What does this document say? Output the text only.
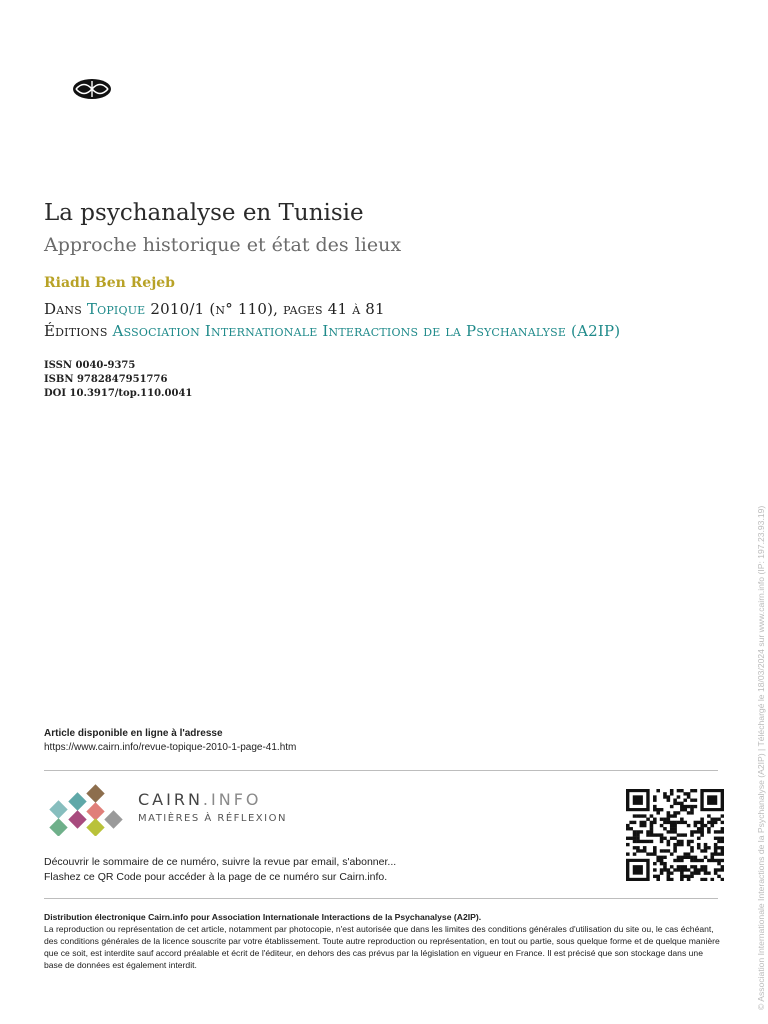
La psychanalyse en Tunisie
Approche historique et état des lieux
Riadh Ben Rejeb
Dans Topique 2010/1 (n° 110), pages 41 à 81
Éditions Association Internationale Interactions de la Psychanalyse (A2IP)
ISSN 0040-9375
ISBN 9782847951776
DOI 10.3917/top.110.0041
Article disponible en ligne à l'adresse
https://www.cairn.info/revue-topique-2010-1-page-41.htm
CAIRN.INFO
MATIÈRES À RÉFLEXION
Découvrir le sommaire de ce numéro, suivre la revue par email, s'abonner...
Flashez ce QR Code pour accéder à la page de ce numéro sur Cairn.info.
Distribution électronique Cairn.info pour Association Internationale Interactions de la Psychanalyse (A2IP).
La reproduction ou représentation de cet article, notamment par photocopie, n'est autorisée que dans les limites des conditions générales d'utilisation du site ou, le cas échéant, des conditions générales de la licence souscrite par votre établissement. Toute autre reproduction ou représentation, en tout ou partie, sous quelque forme et de quelque manière que ce soit, est interdite sauf accord préalable et écrit de l'éditeur, en dehors des cas prévus par la législation en vigueur en France. Il est précisé que son stockage dans une base de données est également interdit.	© Association Internationale Interactions de la Psychanalyse (A2IP) | Téléchargé le 18/03/2024 sur www.cairn.info (IP: 197.23.93.19)
